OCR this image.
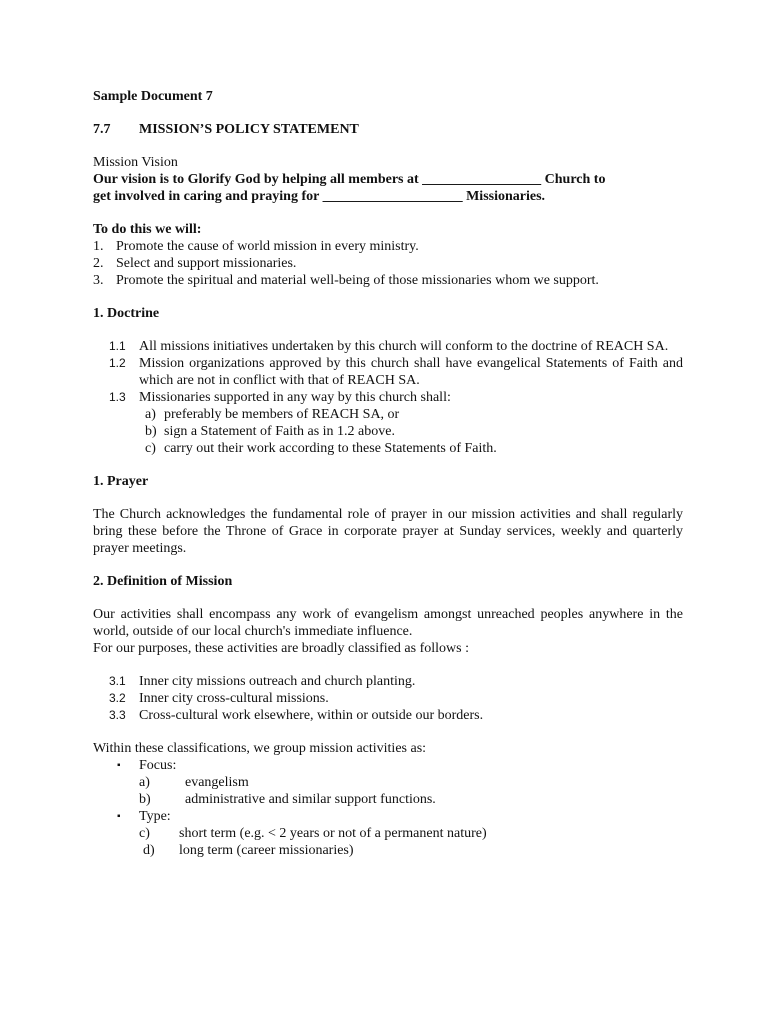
Sample Document 7
7.7 MISSION’S POLICY STATEMENT
Mission Vision
Our vision is to Glorify God by helping all members at _________________ Church to
get involved in caring and praying for ____________________ Missionaries.
To do this we will:
1. Promote the cause of world mission in every ministry.
2. Select and support missionaries.
3. Promote the spiritual and material well-being of those missionaries whom we support.
1. Doctrine
1.1 All missions initiatives undertaken by this church will conform to the doctrine of REACH SA.
1.2 Mission organizations approved by this church shall have evangelical Statements of Faith and which are not in conflict with that of REACH SA.
1.3 Missionaries supported in any way by this church shall:
a) preferably be members of REACH SA, or
b) sign a Statement of Faith as in 1.2 above.
c) carry out their work according to these Statements of Faith.
1. Prayer
The Church acknowledges the fundamental role of prayer in our mission activities and shall regularly bring these before the Throne of Grace in corporate prayer at Sunday services, weekly and quarterly prayer meetings.
2. Definition of Mission
Our activities shall encompass any work of evangelism amongst unreached peoples anywhere in the world, outside of our local church's immediate influence.
For our purposes, these activities are broadly classified as follows :
3.1 Inner city missions outreach and church planting.
3.2 Inner city cross-cultural missions.
3.3 Cross-cultural work elsewhere, within or outside our borders.
Within these classifications, we group mission activities as:
▪ Focus:
a)	evangelism
b) administrative and similar support functions.
▪ Type:
c) short term (e.g. < 2 years or not of a permanent nature)
d) long term (career missionaries)
